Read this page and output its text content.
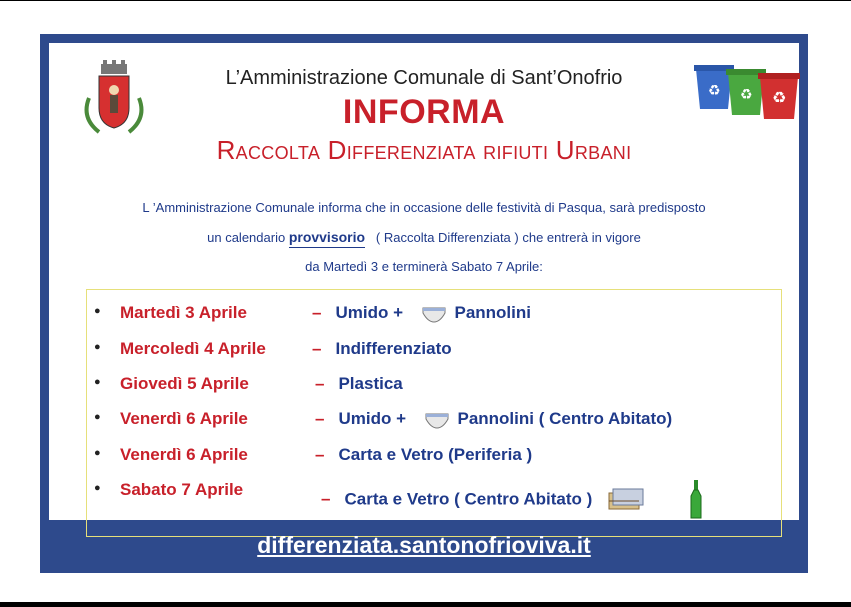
♻ ♻ ♻
L’Amministrazione Comunale di Sant’Onofrio
INFORMA
Raccolta Differenziata rifiuti Urbani
L ’Amministrazione Comunale informa che in occasione delle festività di Pasqua, sarà predisposto
un calendario provvisorio ( Raccolta Differenziata ) che entrerà in vigore
da Martedì 3 e terminerà Sabato 7 Aprile:
● Martedì 3 Aprile	– Umido +	Pannolini
● Mercoledì 4 Aprile	– Indifferenziato
● Giovedì 5 Aprile	– Plastica
● Venerdì 6 Aprile	– Umido +	Pannolini ( Centro Abitato)
● Venerdì 6 Aprile	– Carta e Vetro (Periferia )
● Sabato 7 Aprile	– Carta e Vetro ( Centro Abitato )
differenziata.santonofrioviva.it
